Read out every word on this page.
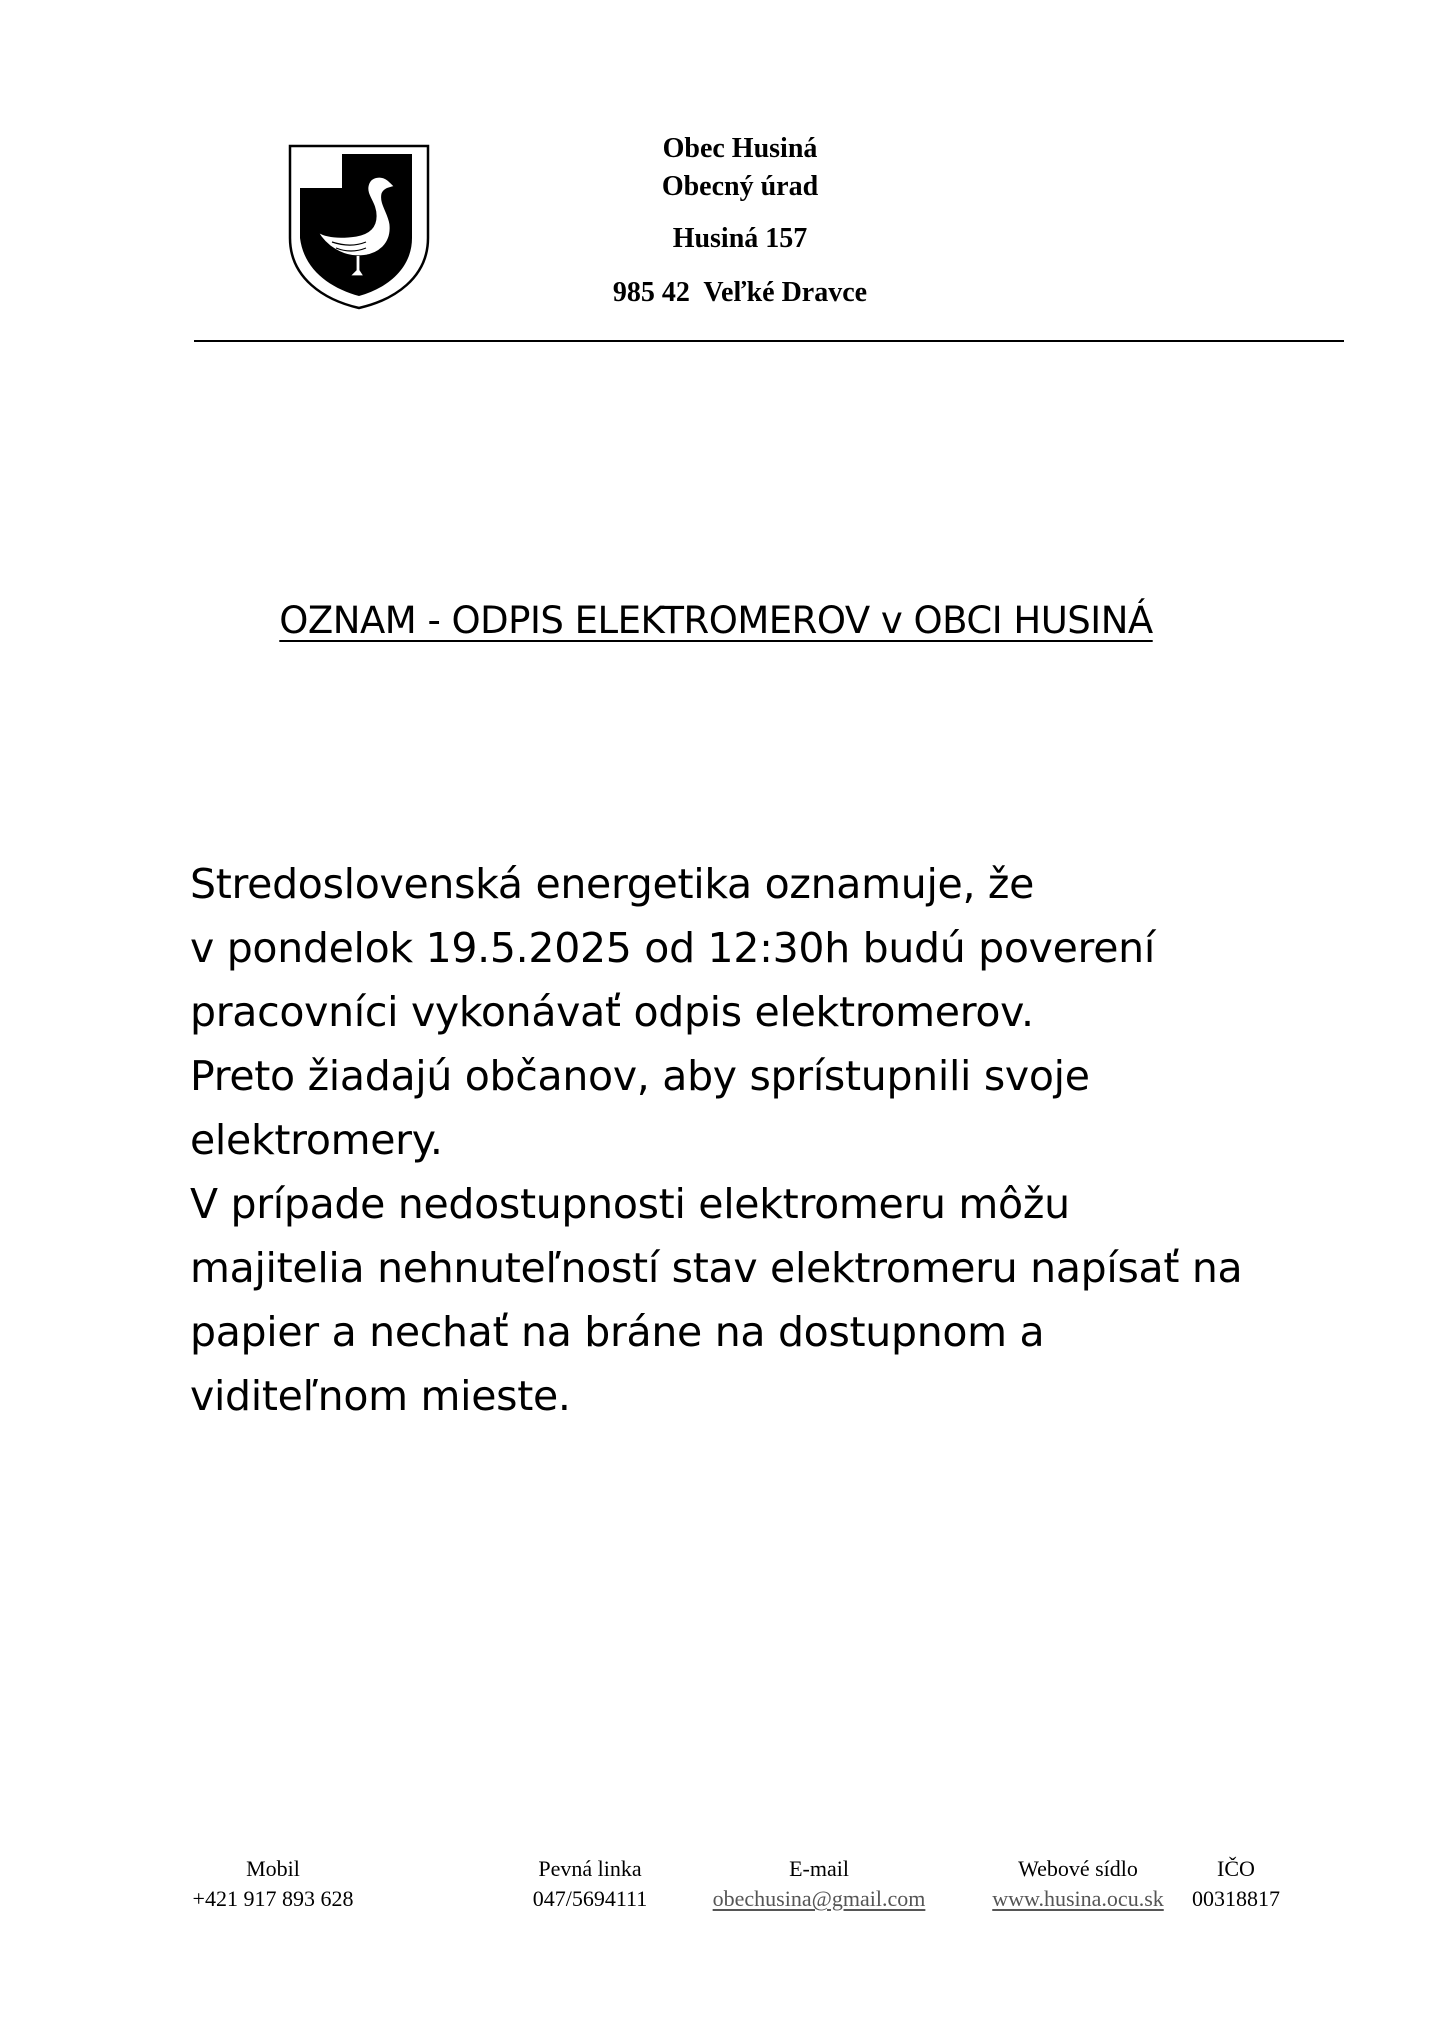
Obec Husiná
Obecný úrad
Husiná 157
985 42  Veľké Dravce
OZNAM - ODPIS ELEKTROMEROV v OBCI HUSINÁ
Stredoslovenská energetika oznamuje, že
v pondelok 19.5.2025 od 12:30h budú poverení
pracovníci vykonávať odpis elektromerov.
Preto žiadajú občanov, aby sprístupnili svoje
elektromery.
V prípade nedostupnosti elektromeru môžu
majitelia nehnuteľností stav elektromeru napísať na
papier a nechať na bráne na dostupnom a
viditeľnom mieste.
Mobil
+421 917 893 628
Pevná linka
047/5694111
E-mail
obechusina@gmail.com
Webové sídlo
www.husina.ocu.sk
IČO
00318817
